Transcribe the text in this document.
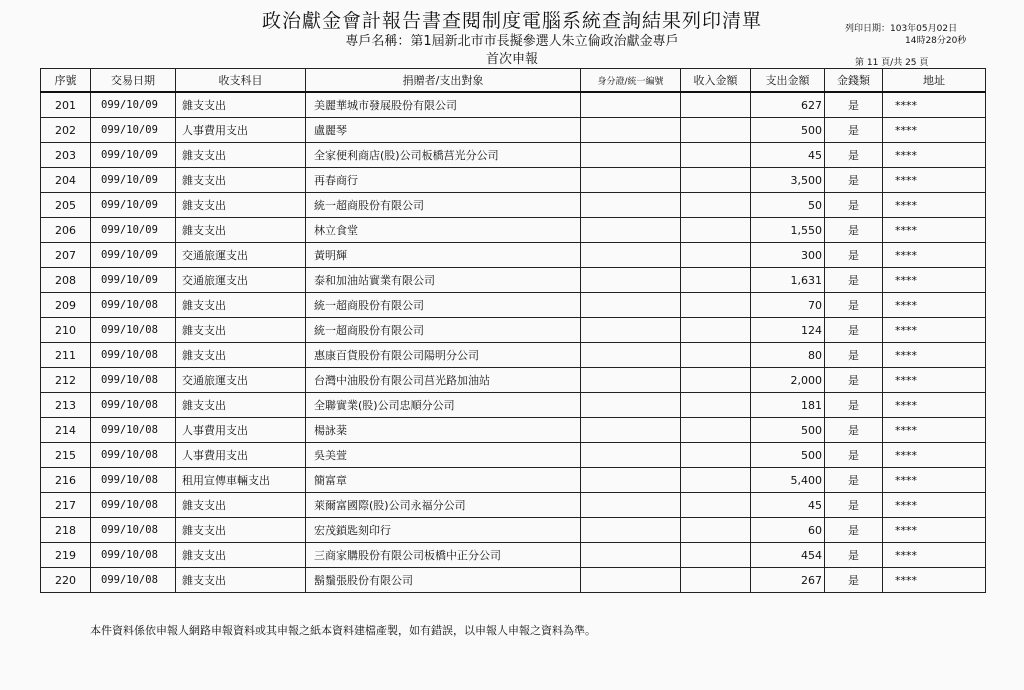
政治獻金會計報告書查閱制度電腦系統查詢結果列印清單
專戶名稱：第1屆新北市市長擬參選人朱立倫政治獻金專戶
首次申報
列印日期：103年05月02日
14時28分20秒
第 11 頁/共 25 頁
序號	交易日期	收支科目	捐贈者/支出對象	身分證/統一編號	收入金額	支出金額	金錢類	地址
201	099/10/09	雜支支出	美麗華城市發展股份有限公司			627	是	****
202	099/10/09	人事費用支出	盧麗琴			500	是	****
203	099/10/09	雜支支出	全家便利商店(股)公司板橋莒光分公司			45	是	****
204	099/10/09	雜支支出	再春商行			3,500	是	****
205	099/10/09	雜支支出	統一超商股份有限公司			50	是	****
206	099/10/09	雜支支出	林立食堂			1,550	是	****
207	099/10/09	交通旅運支出	黃明輝			300	是	****
208	099/10/09	交通旅運支出	泰和加油站實業有限公司			1,631	是	****
209	099/10/08	雜支支出	統一超商股份有限公司			70	是	****
210	099/10/08	雜支支出	統一超商股份有限公司			124	是	****
211	099/10/08	雜支支出	惠康百貨股份有限公司陽明分公司			80	是	****
212	099/10/08	交通旅運支出	台灣中油股份有限公司莒光路加油站			2,000	是	****
213	099/10/08	雜支支出	全聯實業(股)公司忠順分公司			181	是	****
214	099/10/08	人事費用支出	楊詠棻			500	是	****
215	099/10/08	人事費用支出	吳美萱			500	是	****
216	099/10/08	租用宣傳車輛支出	簡富章			5,400	是	****
217	099/10/08	雜支支出	萊爾富國際(股)公司永福分公司			45	是	****
218	099/10/08	雜支支出	宏茂鎖匙刻印行			60	是	****
219	099/10/08	雜支支出	三商家購股份有限公司板橋中正分公司			454	是	****
220	099/10/08	雜支支出	鬍鬚張股份有限公司			267	是	****
本件資料係依申報人網路申報資料或其申報之紙本資料建檔產製，如有錯誤，以申報人申報之資料為準。
